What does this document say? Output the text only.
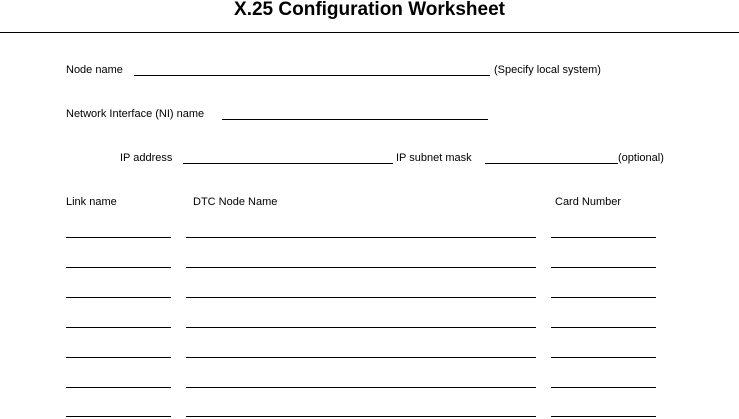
X.25 Configuration Worksheet
Node name	(Specify local system)
Network Interface (NI) name
IP address	IP subnet mask	(optional)
Link name	DTC Node Name	Card Number
